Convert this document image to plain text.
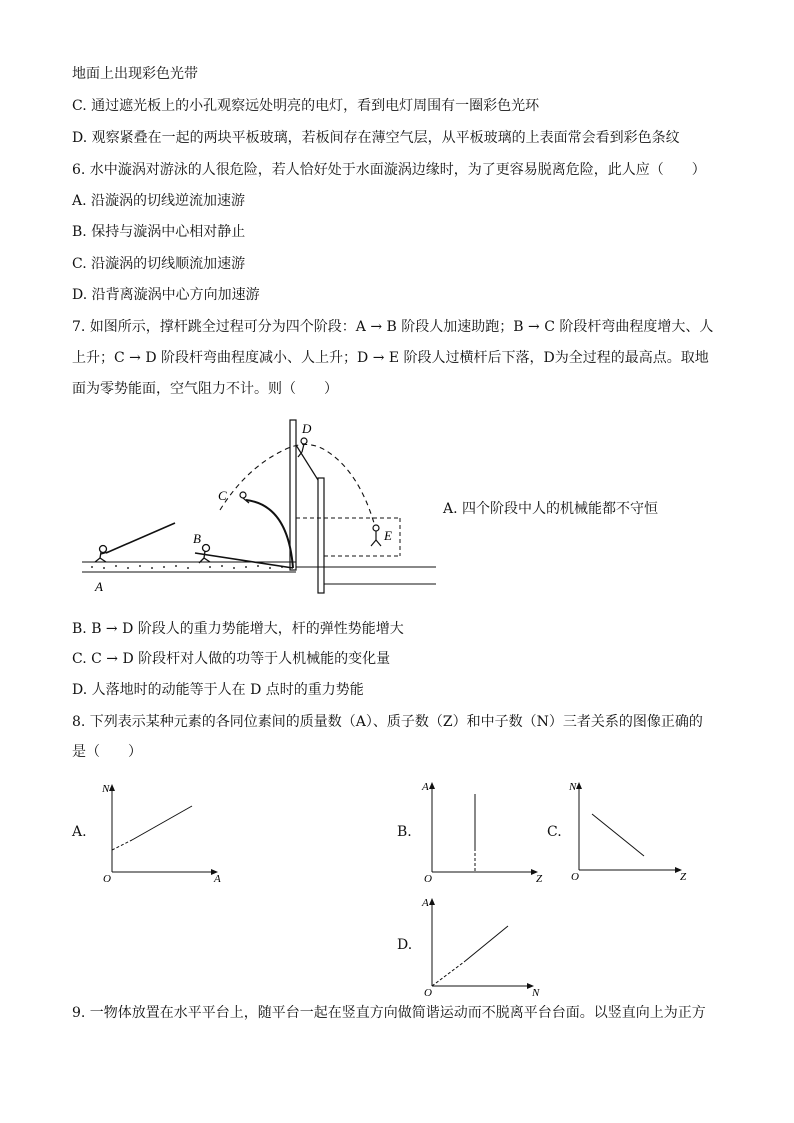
地面上出现彩色光带
C. 通过遮光板上的小孔观察远处明亮的电灯，看到电灯周围有一圈彩色光环
D. 观察紧叠在一起的两块平板玻璃，若板间存在薄空气层，从平板玻璃的上表面常会看到彩色条纹
6. 水中漩涡对游泳的人很危险，若人恰好处于水面漩涡边缘时，为了更容易脱离危险，此人应（　　）
A. 沿漩涡的切线逆流加速游
B. 保持与漩涡中心相对静止
C. 沿漩涡的切线顺流加速游
D. 沿背离漩涡中心方向加速游
7. 如图所示，撑杆跳全过程可分为四个阶段：A → B 阶段人加速助跑；B → C 阶段杆弯曲程度增大、人
上升；C → D 阶段杆弯曲程度减小、人上升；D → E 阶段人过横杆后下落，D为全过程的最高点。取地
面为零势能面，空气阻力不计。则（　　）
A
B
C
D
E
A. 四个阶段中人的机械能都不守恒
B. B → D 阶段人的重力势能增大，杆的弹性势能增大
C. C → D 阶段杆对人做的功等于人机械能的变化量
D. 人落地时的动能等于人在 D 点时的重力势能
8. 下列表示某种元素的各同位素间的质量数（A）、质子数（Z）和中子数（N）三者关系的图像正确的
是（　　）
A.
N
O	A
B.
A
O	Z
C.
N
O	Z
D.
A
O	N
9. 一物体放置在水平平台上，随平台一起在竖直方向做简谐运动而不脱离平台台面。以竖直向上为正方
